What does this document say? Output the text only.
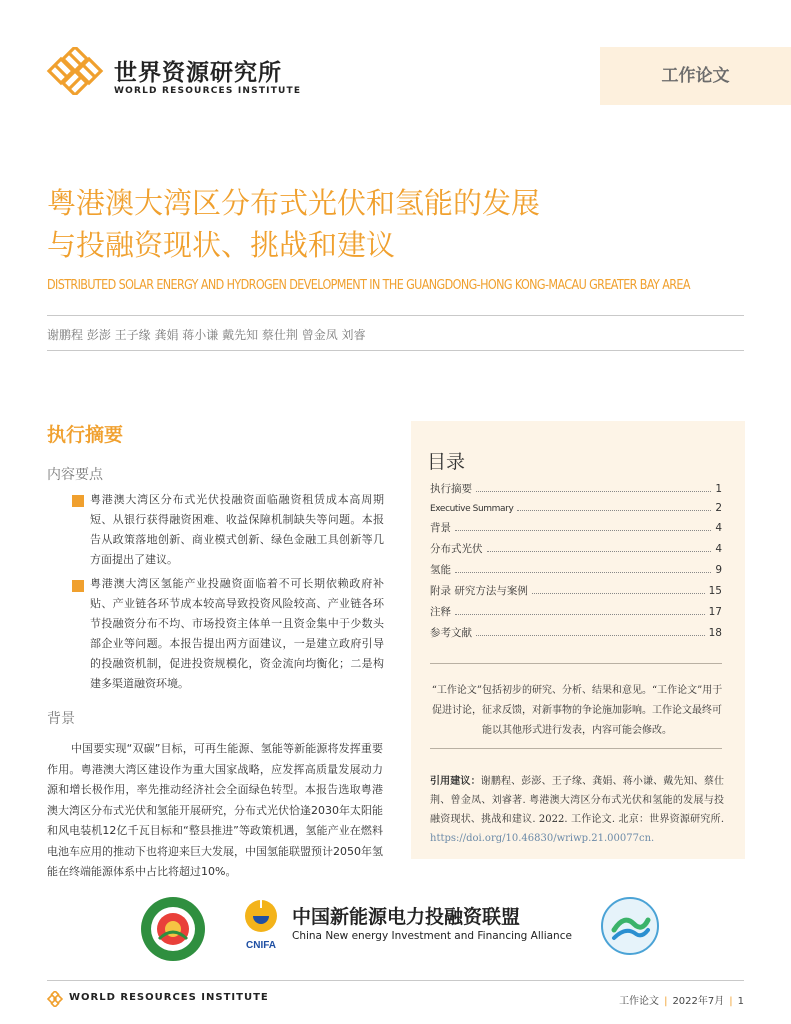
世界资源研究所
WORLD RESOURCES INSTITUTE
工作论文
粤港澳大湾区分布式光伏和氢能的发展
与投融资现状、挑战和建议
DISTRIBUTED SOLAR ENERGY AND HYDROGEN DEVELOPMENT IN THE GUANGDONG-HONG KONG-MACAU GREATER BAY AREA
谢鹏程 彭澎 王子缘 龚娟 蒋小谦 戴先知 蔡仕荆 曾金凤 刘睿
执行摘要
内容要点
粤港澳大湾区分布式光伏投融资面临融资租赁成本高周期短、从银行获得融资困难、收益保障机制缺失等问题。本报告从政策落地创新、商业模式创新、绿色金融工具创新等几方面提出了建议。
粤港澳大湾区氢能产业投融资面临着不可长期依赖政府补贴、产业链各环节成本较高导致投资风险较高、产业链各环节投融资分布不均、市场投资主体单一且资金集中于少数头部企业等问题。本报告提出两方面建议，一是建立政府引导的投融资机制，促进投资规模化，资金流向均衡化；二是构建多渠道融资环境。
背景
中国要实现“双碳”目标，可再生能源、氢能等新能源将发挥重要作用。粤港澳大湾区建设作为重大国家战略，应发挥高质量发展动力源和增长极作用，率先推动经济社会全面绿色转型。本报告选取粤港澳大湾区分布式光伏和氢能开展研究，分布式光伏恰逢2030年太阳能和风电装机12亿千瓦目标和“整县推进”等政策机遇，氢能产业在燃料电池车应用的推动下也将迎来巨大发展，中国氢能联盟预计2050年氢能在终端能源体系中占比将超过10%。
目录
执行摘要	1
Executive Summary	2
背景	4
分布式光伏	4
氢能	9
附录 研究方法与案例	15
注释	17
参考文献	18
“工作论文”包括初步的研究、分析、结果和意见。“工作论文”用于促进讨论，征求反馈，对新事物的争论施加影响。工作论文最终可能以其他形式进行发表，内容可能会修改。
引用建议：谢鹏程、彭澎、王子缘、龚娟、蒋小谦、戴先知、蔡仕荆、曾金凤、刘睿著. 粤港澳大湾区分布式光伏和氢能的发展与投融资现状、挑战和建议. 2022. 工作论文. 北京：世界资源研究所. https://doi.org/10.46830/wriwp.21.00077cn.
CNIFA
中国新能源电力投融资联盟
China New energy Investment and Financing Alliance
WORLD RESOURCES INSTITUTE	工作论文 | 2022年7月 | 1
